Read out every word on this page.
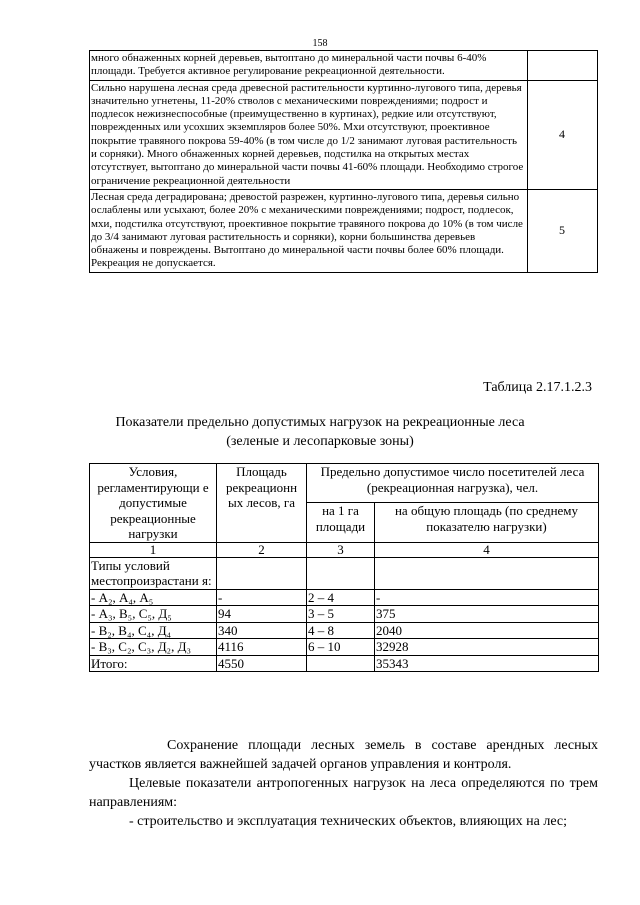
158
много обнаженных корней деревьев, вытоптано до минеральной части почвы 6-40% площади. Требуется активное регулирование рекреационной деятельности.	
Сильно нарушена лесная среда древесной растительности куртинно-лугового типа, деревья значительно угнетены, 11-20% стволов с механическими повреждениями; подрост и подлесок нежизнеспособные (преимущественно в куртинах), редкие или отсутствуют, поврежденных или усохших экземпляров более 50%. Мхи отсутствуют, проективное покрытие травяного покрова 59-40% (в том числе до 1/2 занимают луговая растительность и сорняки). Много обнаженных корней деревьев, подстилка на открытых местах отсутствует, вытоптано до минеральной части почвы 41-60% площади. Необходимо строгое ограничение рекреационной деятельности	4
Лесная среда деградирована; древостой разрежен, куртинно-лугового типа, деревья сильно ослаблены или усыхают, более 20% с механическими повреждениями; подрост, подлесок, мхи, подстилка отсутствуют, проективное покрытие травяного покрова до 10% (в том числе до 3/4 занимают луговая растительность и сорняки), корни большинства деревьев обнажены и повреждены. Вытоптано до минеральной части почвы более 60% площади. Рекреация не допускается.	5
Таблица 2.17.1.2.3
Показатели предельно допустимых нагрузок на рекреационные леса
(зеленые и лесопарковые зоны)
Условия, регламентирующи е допустимые рекреационные нагрузки	Площадь рекреационн ых лесов, га	Предельно допустимое число посетителей леса (рекреационная нагрузка), чел.	
		на 1 га площади	на общую площадь (по среднему показателю нагрузки)
1	2	3	4
Типы условий местопроизрастани я:			
- А₂, А₄, А₅	-	2 – 4	-
- А₃, В₅, С₅, Д₅	94	3 – 5	375
- В₂, В₄, С₄, Д₄	340	4 – 8	2040
- В₃, С₂, С₃, Д₂, Д₃	4116	6 – 10	32928
Итого:	4550		35343
Сохранение площади лесных земель в составе арендных лесных участков является важнейшей задачей органов управления и контроля.
Целевые показатели антропогенных нагрузок на леса определяются по трем направлениям:
- строительство и эксплуатация технических объектов, влияющих на лес;
